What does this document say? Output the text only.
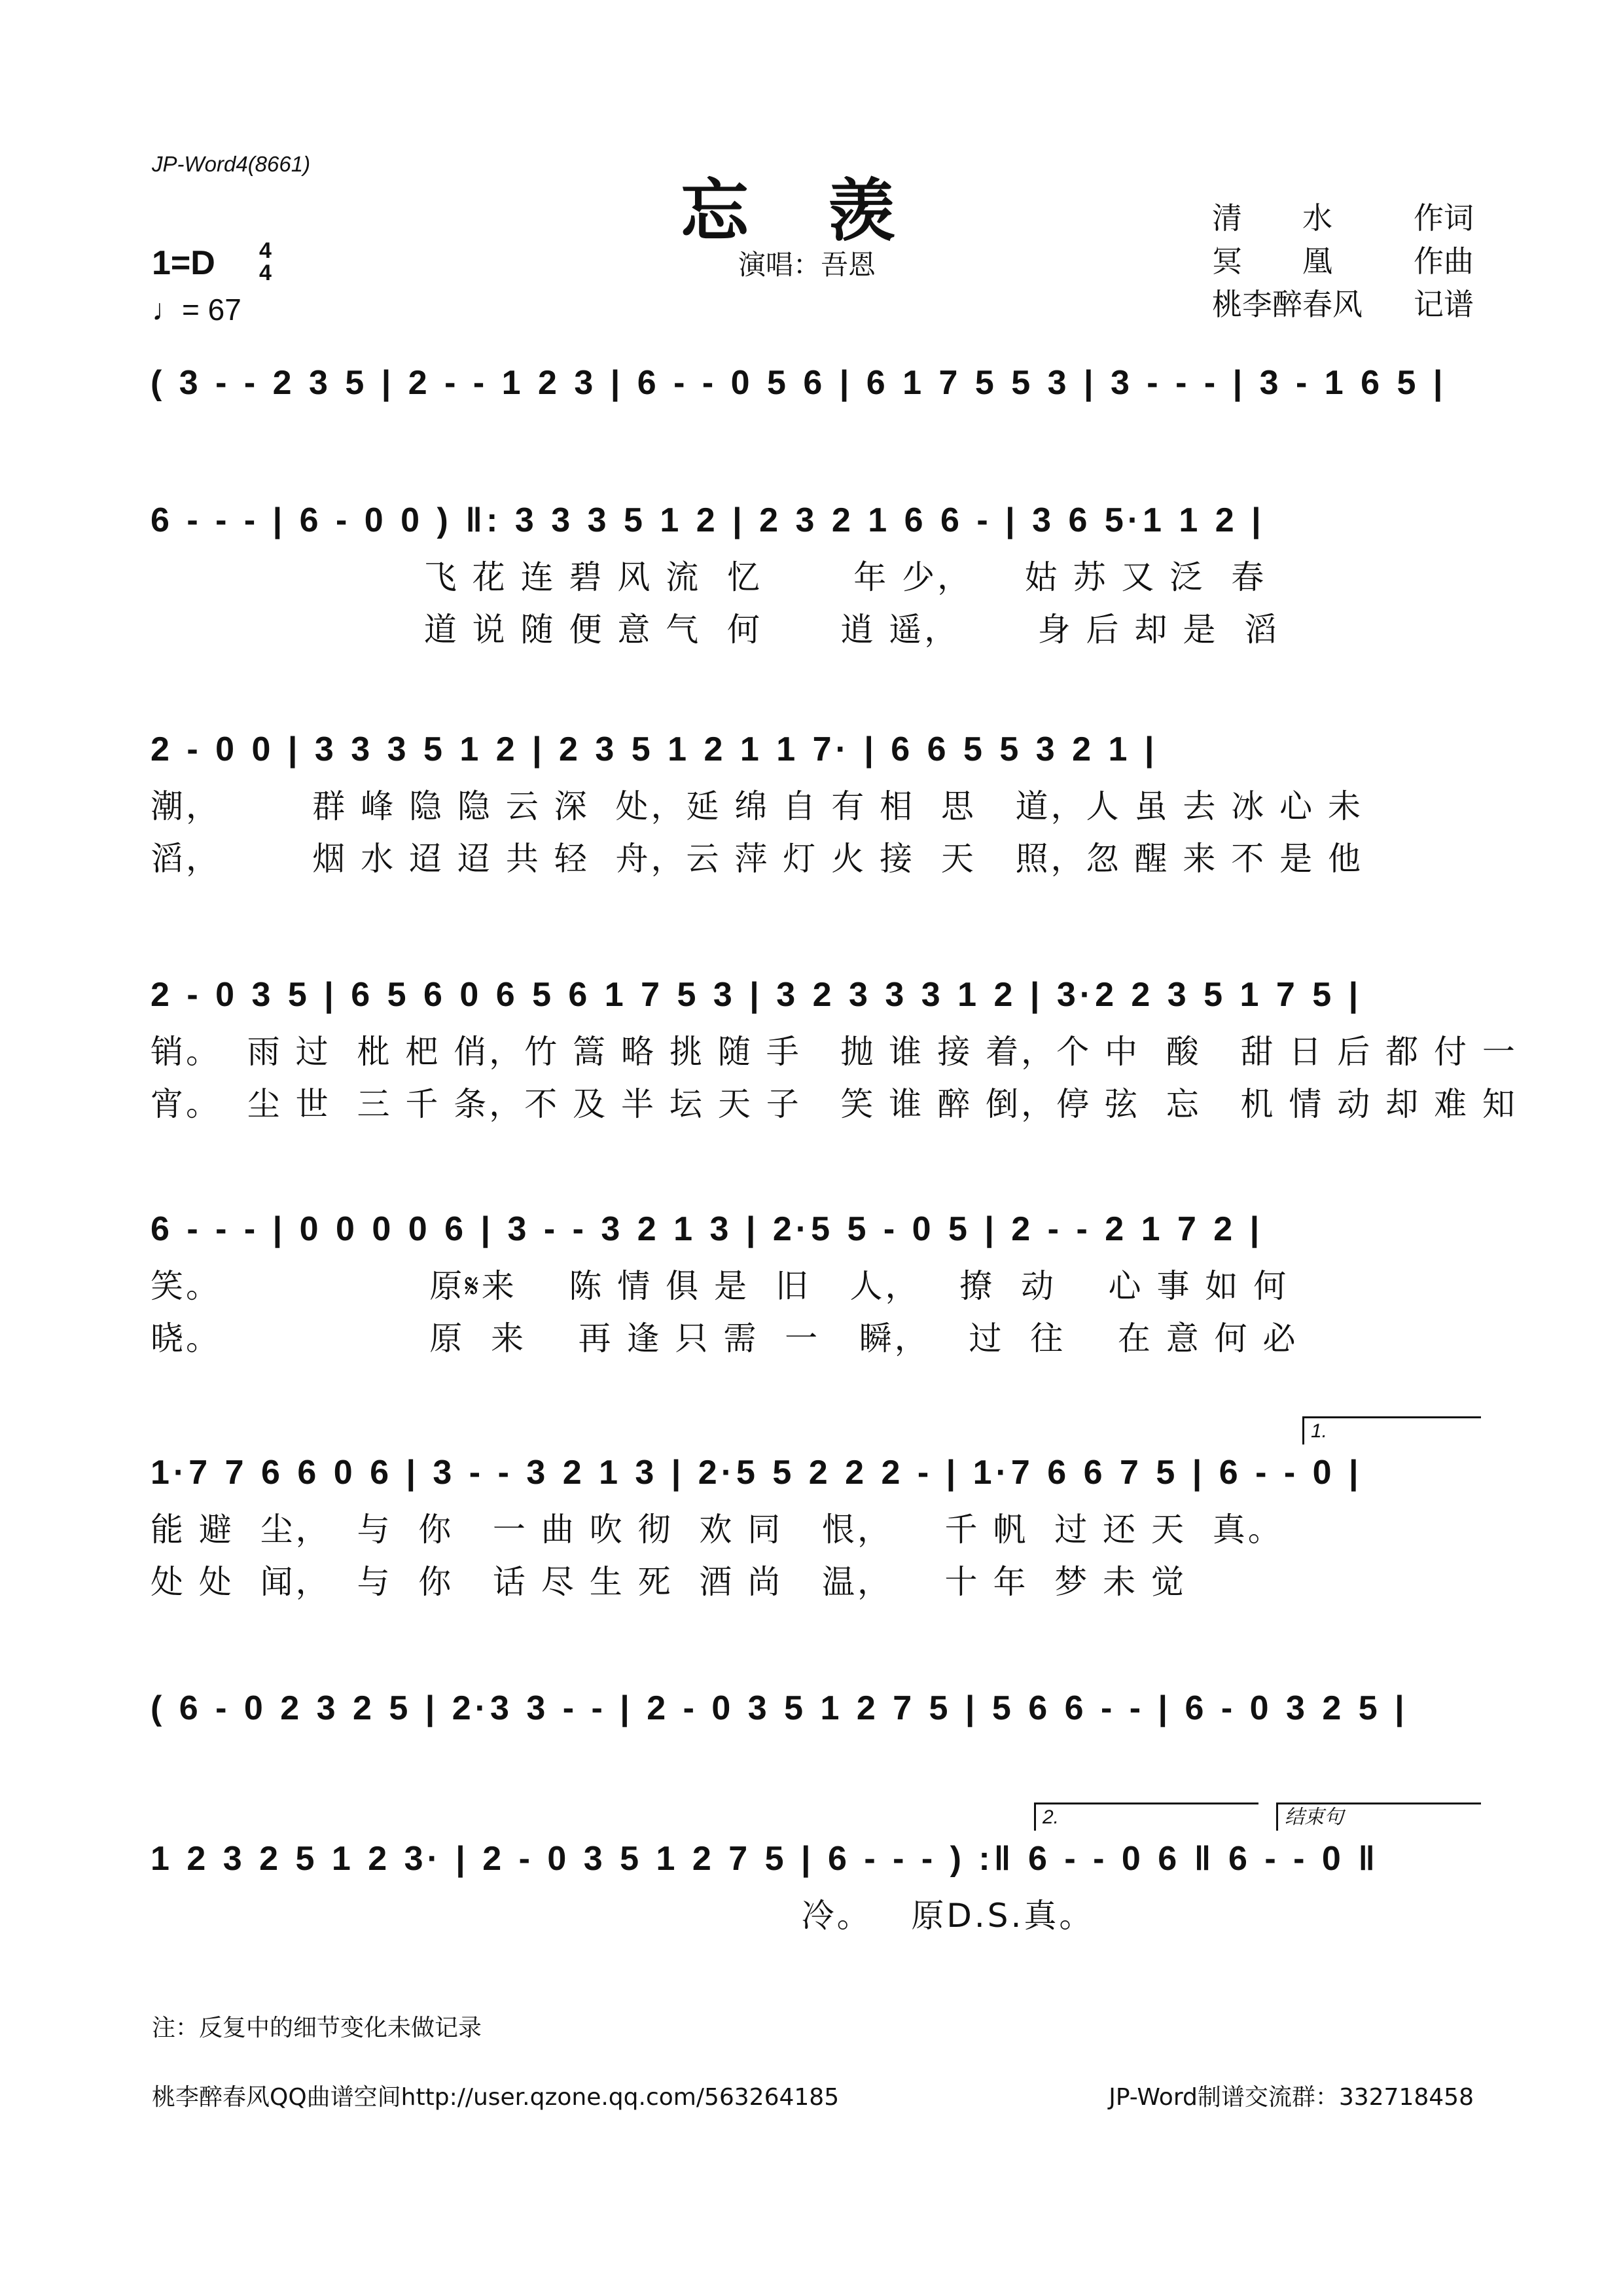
JP-Word4(8661)
忘羡
演唱：吾恩
清　　水	作词
冥　　凰	作曲
桃李醉春风 记谱
1=D 4
4
♩= 67
( 3 - - 2 3 5 | 2 - - 1 2 3 | 6 - - 0 5 6 | 6 1 7 5 5 3 | 3 - - - | 3 - 1 6 5 |
6 - - - | 6 - 0 0 ) ‖: 3 3 3 5 1 2 | 2 3 2 1 6 6 - | 3 6 5·1 1 2 |
飞 花 连 碧 风 流  忆       年 少，    姑 苏 又 泛  春
道 说 随 便 意 气  何      逍 遥，      身 后 却 是  滔
2 - 0 0 | 3 3 3 5 1 2 | 2 3 5 1 2 1 1 7· | 6 6 5 5 3 2 1 |
潮，       群 峰 隐 隐 云 深  处，延 绵 自 有 相  思   道，人 虽 去 冰 心 未
滔，       烟 水 迢 迢 共 轻  舟，云 萍 灯 火 接  天   照，忽 醒 来 不 是 他
2 - 0 3 5 | 6 5 6 0 6 5 6 1 7 5 3 | 3 2 3 3 3 1 2 | 3·2 2 3 5 1 7 5 |
销。  雨 过  枇 杷 俏，竹 篙 略 挑 随 手   抛 谁 接 着，个 中  酸   甜 日 后 都 付 一
宵。  尘 世  三 千 条，不 及 半 坛 天 子   笑 谁 醉 倒，停 弦  忘   机 情 动 却 难 知
6 - - - | 0 0 0 0 6 | 3 - - 3 2 1 3 | 2·5 5 - 0 5 | 2 - - 2 1 7 2 |
笑。                原𝄋来    陈 情 俱 是  旧   人，   撩  动    心 事 如 何
晓。                原  来    再 逢 只 需  一   瞬，   过  往    在 意 何 必
1.
1·7 7 6 6 0 6 | 3 - - 3 2 1 3 | 2·5 5 2 2 2 - | 1·7 6 6 7 5 | 6 - - 0 |
能 避  尘，  与  你   一 曲 吹 彻  欢 同   恨，    千 帆  过 还 天  真。
处 处  闻，  与  你   话 尽 生 死  酒 尚   温，    十 年  梦 未 觉
( 6 - 0 2 3 2 5 | 2·3 3 - - | 2 - 0 3 5 1 2 7 5 | 5 6 6 - - | 6 - 0 3 2 5 |
2.	结束句
1 2 3 2 5 1 2 3· | 2 - 0 3 5 1 2 7 5 | 6 - - - ) :‖ 6 - - 0 6 ‖ 6 - - 0 ‖
冷。   原D.S.真。
注：反复中的细节变化未做记录
桃李醉春风QQ曲谱空间http://user.qzone.qq.com/563264185	JP-Word制谱交流群：332718458
